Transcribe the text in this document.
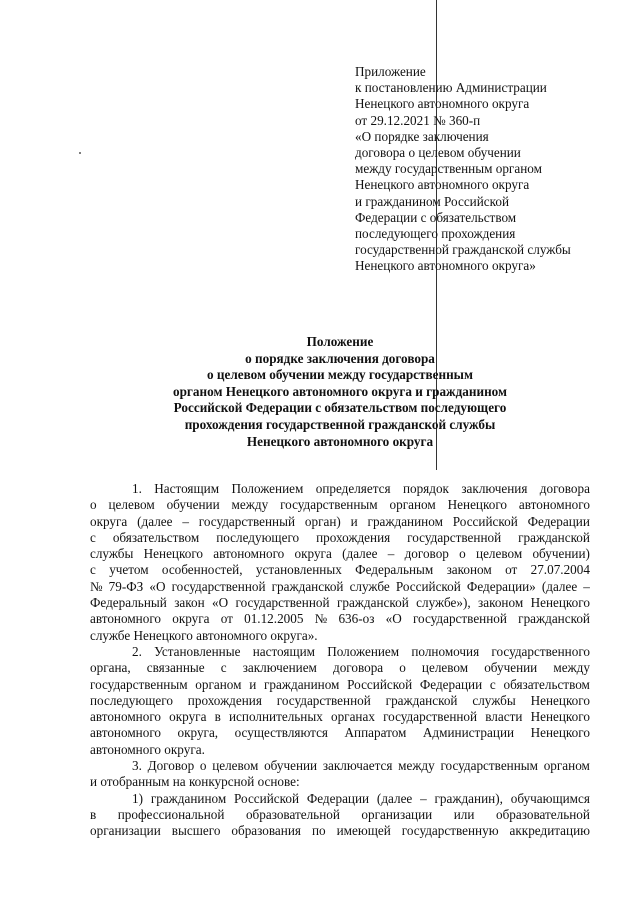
Приложение
к постановлению Администрации
Ненецкого автономного округа
от 29.12.2021 № 360-п
«О порядке заключения
договора о целевом обучении
между государственным органом
Ненецкого автономного округа
и гражданином Российской
Федерации с обязательством
последующего прохождения
государственной гражданской службы
Ненецкого автономного округа»
Положение
о порядке заключения договора
о целевом обучении между государственным
органом Ненецкого автономного округа и гражданином
Российской Федерации с обязательством последующего
прохождения государственной гражданской службы
Ненецкого автономного округа
1. Настоящим Положением определяется порядок заключения договора
о целевом обучении между государственным органом Ненецкого автономного
округа (далее – государственный орган) и гражданином Российской Федерации
с обязательством последующего прохождения государственной гражданской
службы Ненецкого автономного округа (далее – договор о целевом обучении)
с учетом особенностей, установленных Федеральным законом от 27.07.2004
№ 79-ФЗ «О государственной гражданской службе Российской Федерации» (далее –
Федеральный закон «О государственной гражданской службе»), законом Ненецкого
автономного округа от 01.12.2005 № 636-оз «О государственной гражданской
службе Ненецкого автономного округа».
2. Установленные настоящим Положением полномочия государственного
органа, связанные с заключением договора о целевом обучении между
государственным органом и гражданином Российской Федерации с обязательством
последующего прохождения государственной гражданской службы Ненецкого
автономного округа в исполнительных органах государственной власти Ненецкого
автономного округа, осуществляются Аппаратом Администрации Ненецкого
автономного округа.
3. Договор о целевом обучении заключается между государственным органом
и отобранным на конкурсной основе:
1) гражданином Российской Федерации (далее – гражданин), обучающимся
в профессиональной образовательной организации или образовательной
организации высшего образования по имеющей государственную аккредитацию
